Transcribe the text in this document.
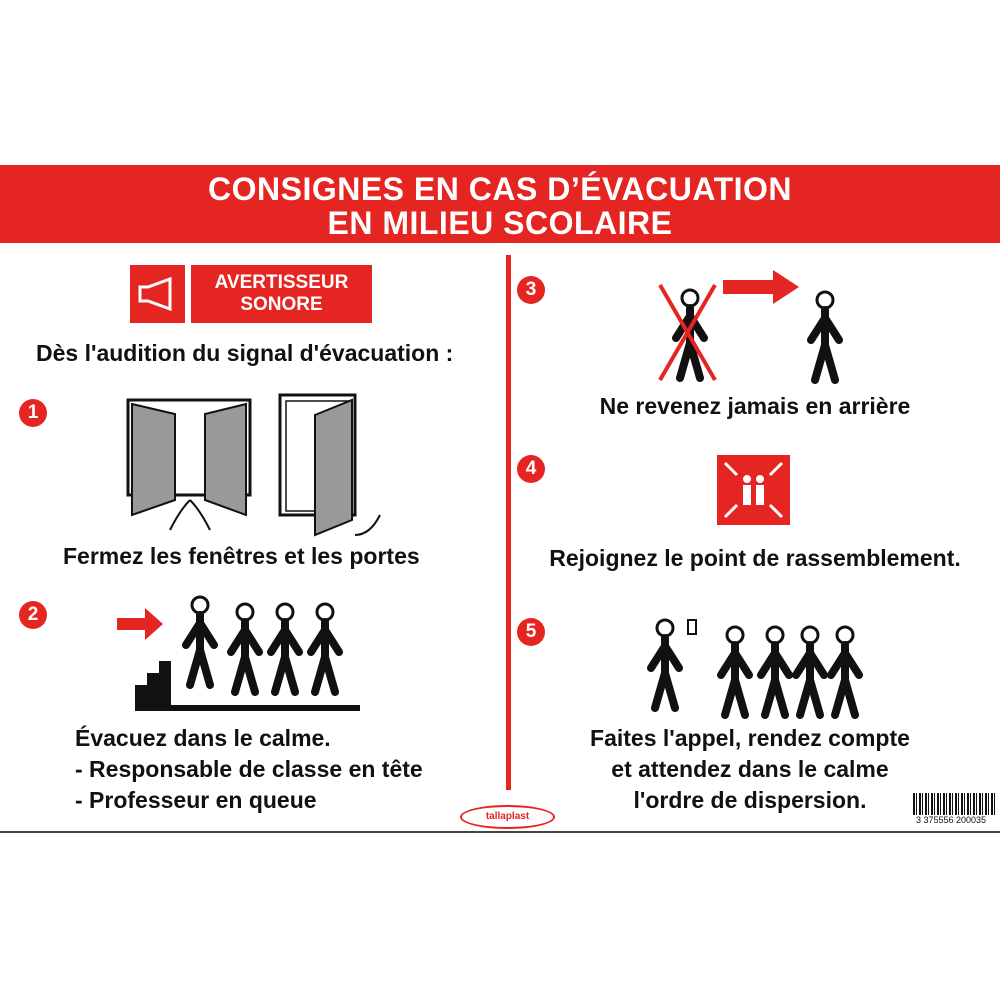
CONSIGNES EN CAS D’ÉVACUATION
EN MILIEU SCOLAIRE
AVERTISSEUR
SONORE
Dès l'audition du signal d'évacuation :
1
Fermez les fenêtres et les portes
2
Évacuez dans le calme.
- Responsable de classe en tête
- Professeur en queue
3
Ne revenez jamais en arrière
4
Rejoignez le point de rassemblement.
5
Faites l'appel, rendez compte
et attendez dans le calme
l'ordre de dispersion.
tallaplast	3 375556 200035
